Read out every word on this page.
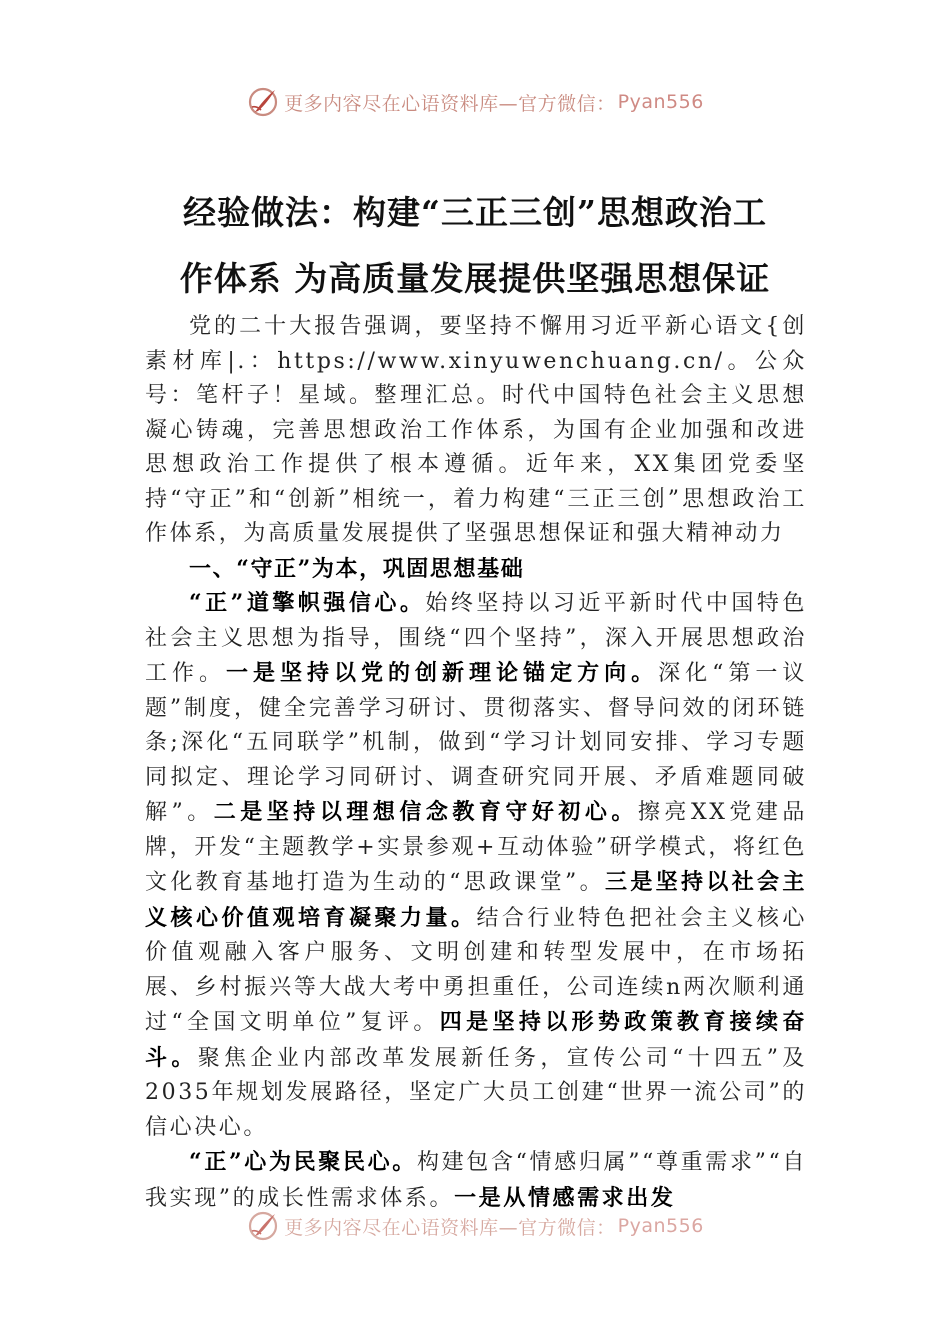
更多内容尽在心语资料库—官方微信： Pyan556
经验做法：构建“三正三创”思想政治工
作体系 为高质量发展提供坚强思想保证

党的二十大报告强调，要坚持不懈用习近平新心语文{创素材库|.：https://www.xinyuwenchuang.cn/。公众号：笔杆子！星域。整理汇总。时代中国特色社会主义思想凝心铸魂，完善思想政治工作体系，为国有企业加强和改进思想政治工作提供了根本遵循。近年来，XX集团党委坚持“守正”和“创新”相统一，着力构建“三正三创”思想政治工作体系，为高质量发展提供了坚强思想保证和强大精神动力

一、“守正”为本，巩固思想基础

“正”道擎帜强信心。始终坚持以习近平新时代中国特色社会主义思想为指导，围绕“四个坚持”，深入开展思想政治工作。一是坚持以党的创新理论锚定方向。深化“第一议题”制度，健全完善学习研讨、贯彻落实、督导问效的闭环链条;深化“五同联学”机制，做到“学习计划同安排、学习专题同拟定、理论学习同研讨、调查研究同开展、矛盾难题同破解”。二是坚持以理想信念教育守好初心。擦亮XX党建品牌，开发“主题教学+实景参观+互动体验”研学模式，将红色文化教育基地打造为生动的“思政课堂”。三是坚持以社会主义核心价值观培育凝聚力量。结合行业特色把社会主义核心价值观融入客户服务、文明创建和转型发展中，在市场拓展、乡村振兴等大战大考中勇担重任，公司连续n两次顺利通过“全国文明单位”复评。四是坚持以形势政策教育接续奋斗。聚焦企业内部改革发展新任务，宣传公司“十四五”及2035年规划发展路径，坚定广大员工创建“世界一流公司”的信心决心。

“正”心为民聚民心。构建包含“情感归属”“尊重需求”“自我实现”的成长性需求体系。一是从情感需求出发

更多内容尽在心语资料库—官方微信： Pyan556
